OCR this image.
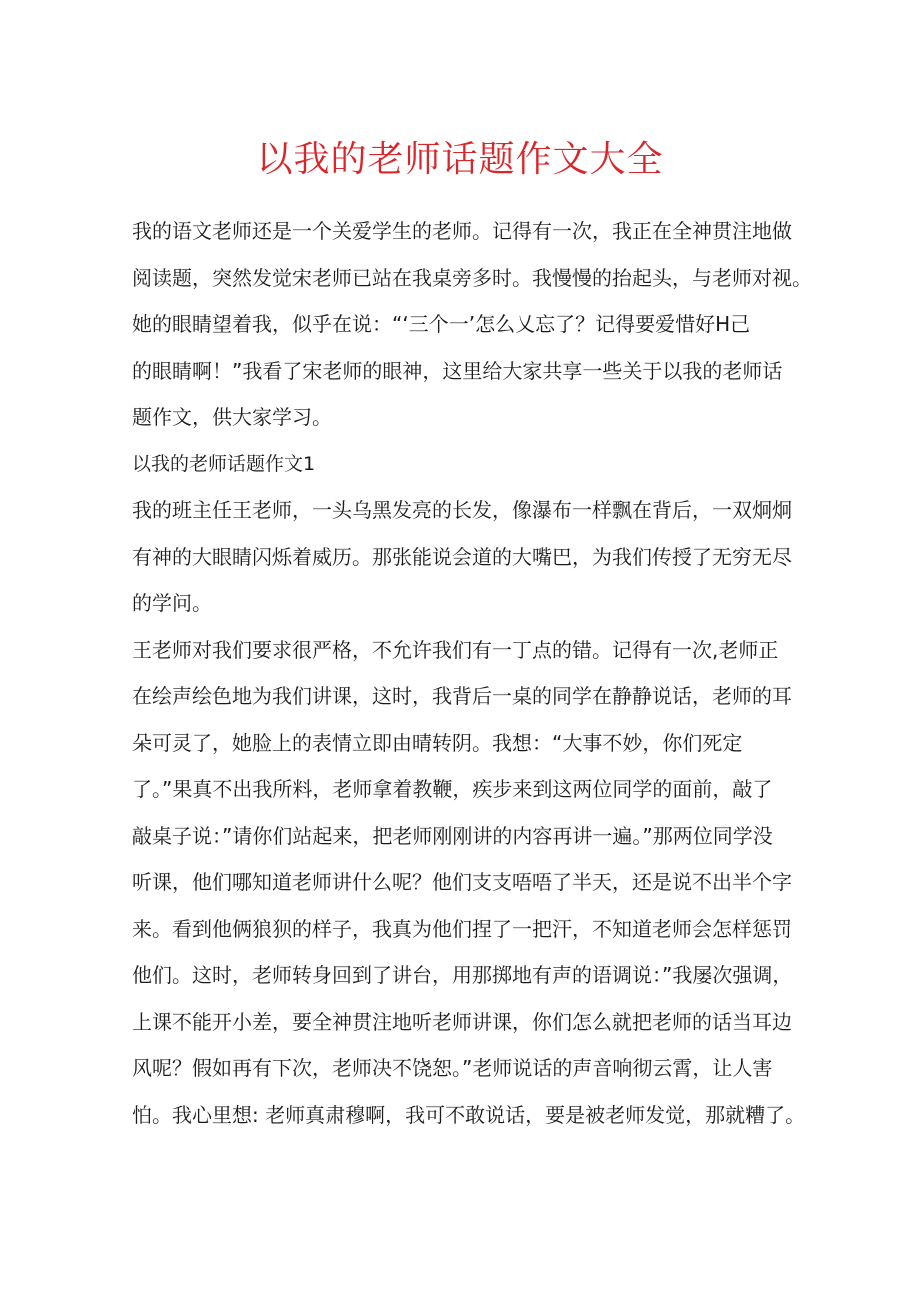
以我的老师话题作文大全
我的语文老师还是一个关爱学生的老师。记得有一次，我正在全神贯注地做
阅读题，突然发觉宋老师已站在我桌旁多时。我慢慢的抬起头，与老师对视。
她的眼睛望着我，似乎在说：“‘三个一’怎么乂忘了？记得要爱惜好H己
的眼睛啊！”我看了宋老师的眼神，这里给大家共享一些关于以我的老师话
题作文，供大家学习。
以我的老师话题作文1
我的班主任王老师，一头乌黑发亮的长发，像瀑布一样飘在背后，一双炯炯
有神的大眼睛闪烁着威历。那张能说会道的大嘴巴，为我们传授了无穷无尽
的学问。
王老师对我们要求很严格，不允许我们有一丁点的错。记得有一次,老师正
在绘声绘色地为我们讲课，这时，我背后一桌的同学在静静说话，老师的耳
朵可灵了，她脸上的表情立即由晴转阴。我想：“大事不妙，你们死定
了。”果真不出我所料，老师拿着教鞭，疾步来到这两位同学的面前，敲了
敲桌子说：”请你们站起来，把老师刚刚讲的内容再讲一遍。”那两位同学没
听课，他们哪知道老师讲什么呢？他们支支唔唔了半天，还是说不出半个字
来。看到他俩狼狈的样子，我真为他们捏了一把汗，不知道老师会怎样惩罚
他们。这时，老师转身回到了讲台，用那掷地有声的语调说：”我屡次强调，
上课不能开小差，要全神贯注地听老师讲课，你们怎么就把老师的话当耳边
风呢？假如再有下次，老师决不饶恕。”老师说话的声音响彻云霄，让人害
怕。我心里想: 老师真肃穆啊，我可不敢说话，要是被老师发觉，那就糟了。
